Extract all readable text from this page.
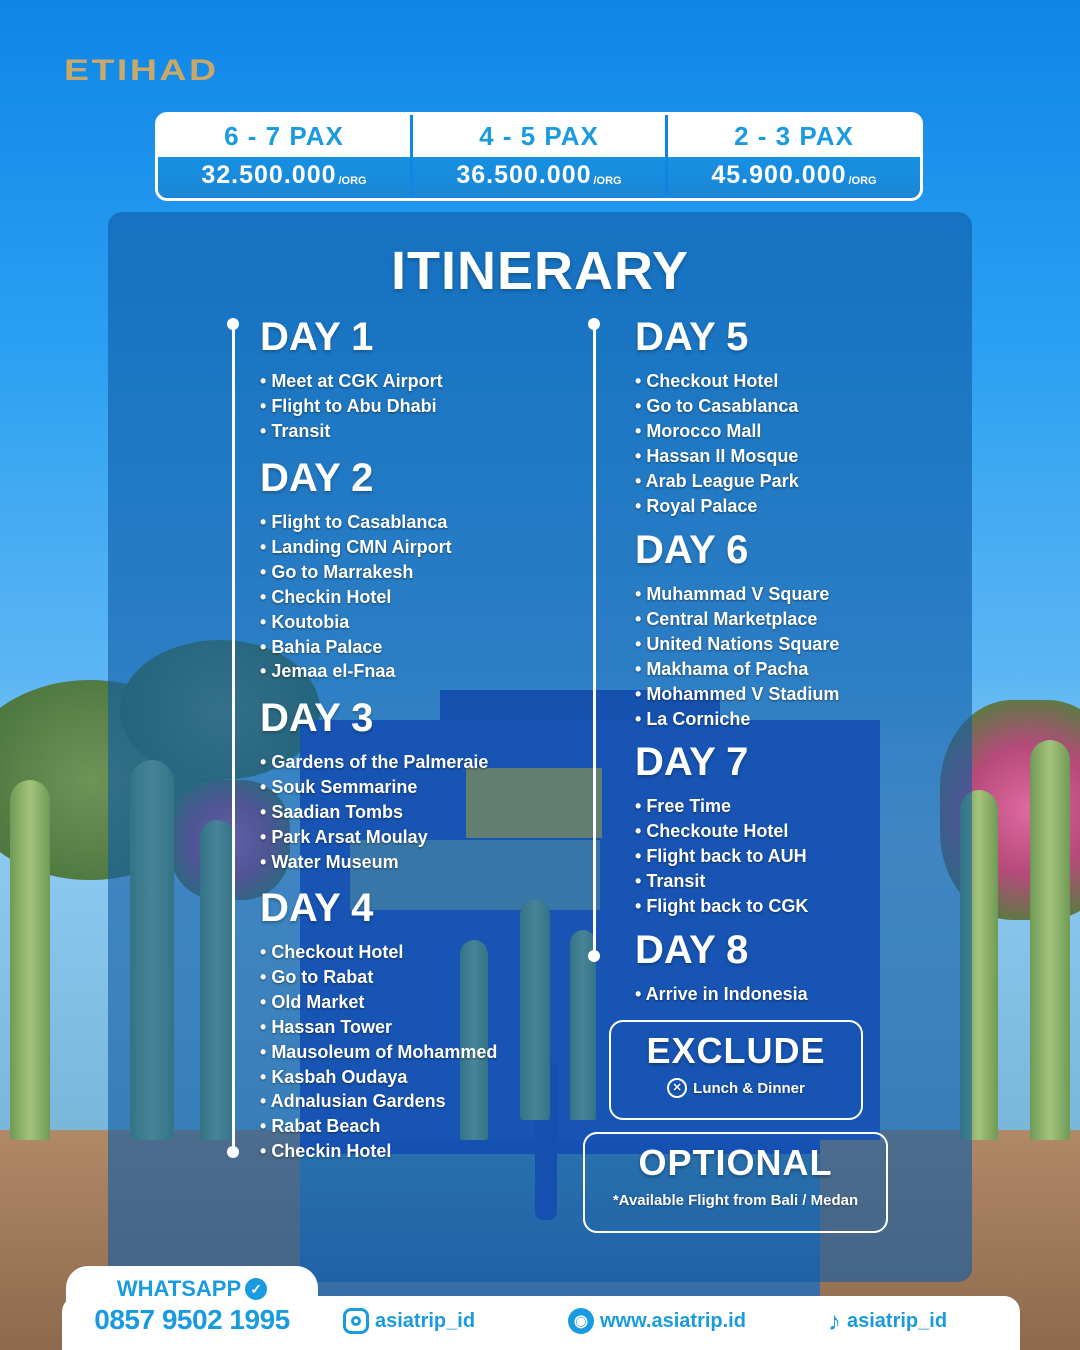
ETIHAD
6 - 7 PAX
32.500.000 /ORG
4 - 5 PAX
36.500.000 /ORG
2 - 3 PAX
45.900.000 /ORG
ITINERARY
DAY 1
• Meet at CGK Airport
• Flight to Abu Dhabi
• Transit
DAY 2
• Flight to Casablanca
• Landing CMN Airport
• Go to Marrakesh
• Checkin Hotel
• Koutobia
• Bahia Palace
• Jemaa el-Fnaa
DAY 3
• Gardens of the Palmeraie
• Souk Semmarine
• Saadian Tombs
• Park Arsat Moulay
• Water Museum
DAY 4
• Checkout Hotel
• Go to Rabat
• Old Market
• Hassan Tower
• Mausoleum of Mohammed
• Kasbah Oudaya
• Adnalusian Gardens
• Rabat Beach
• Checkin Hotel
DAY 5
• Checkout Hotel
• Go to Casablanca
• Morocco Mall
• Hassan II Mosque
• Arab League Park
• Royal Palace
DAY 6
• Muhammad V Square
• Central Marketplace
• United Nations Square
• Makhama of Pacha
• Mohammed V Stadium
• La Corniche
DAY 7
• Free Time
• Checkoute Hotel
• Flight back to AUH
• Transit
• Flight back to CGK
DAY 8
• Arrive in Indonesia
EXCLUDE
✕ Lunch & Dinner
OPTIONAL
*Available Flight from Bali / Medan
WHATSAPP ✓
0857 9502 1995	asiatrip_id	◉ www.asiatrip.id	♪ asiatrip_id
